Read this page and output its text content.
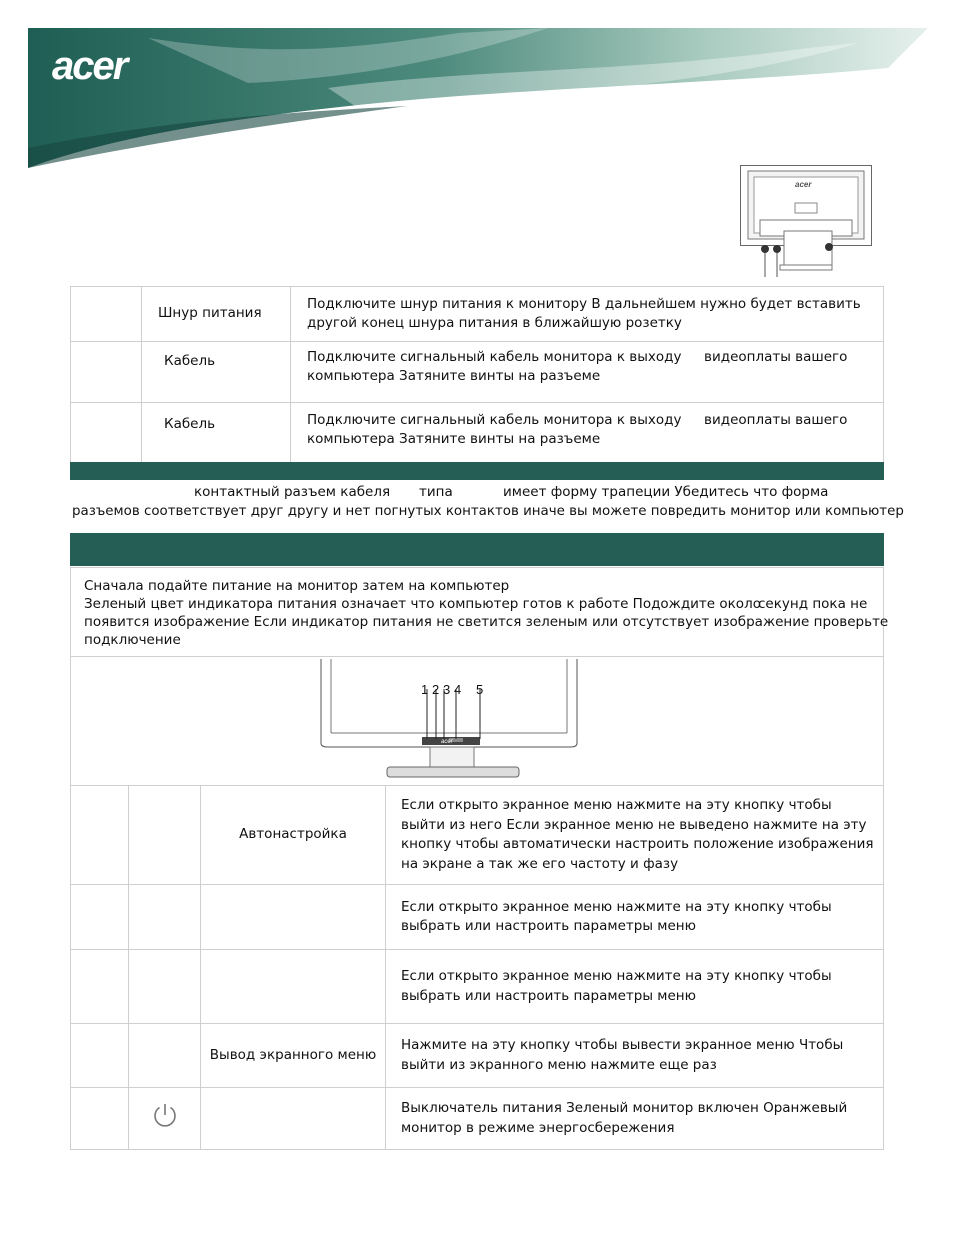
acer
acer
	Шнур питания	Подключите шнур питания к монитору В дальнейшем нужно будет вставить другой конец шнура питания в ближайшую розетку
	Кабель	Подключите сигнальный кабель монитора к выходу видеоплаты вашего
компьютера Затяните винты на разъеме

	Кабель	Подключите сигнальный кабель монитора к выходу видеоплаты вашего
компьютера Затяните винты на разъеме
контактный разъем кабеля типа	имеет форму трапеции Убедитесь что форма
разъемов соответствует друг другу и нет погнутых контактов иначе вы можете повредить монитор или компьютер
Сначала подайте питание на монитор затем на компьютер
Зеленый цвет индикатора питания означает что компьютер готов к работе Подождите около
секунд пока не
появится изображение Если индикатор питания не светится зеленым или отсутствует изображение проверьте
подключение
acer
1 2 3 4 5
		Автонастройка	Если открыто экранное меню нажмите на эту кнопку чтобы выйти из него Если экранное меню не выведено нажмите на эту кнопку чтобы автоматически настроить положение изображения на экране а так же его частоту и фазу
			Если открыто экранное меню нажмите на эту кнопку чтобы выбрать или настроить параметры меню
			Если открыто экранное меню нажмите на эту кнопку чтобы выбрать или настроить параметры меню
		Вывод экранного меню	Нажмите на эту кнопку чтобы вывести экранное меню Чтобы выйти из экранного меню нажмите еще раз
			Выключатель питания Зеленый монитор включен Оранжевый монитор в режиме энергосбережения
